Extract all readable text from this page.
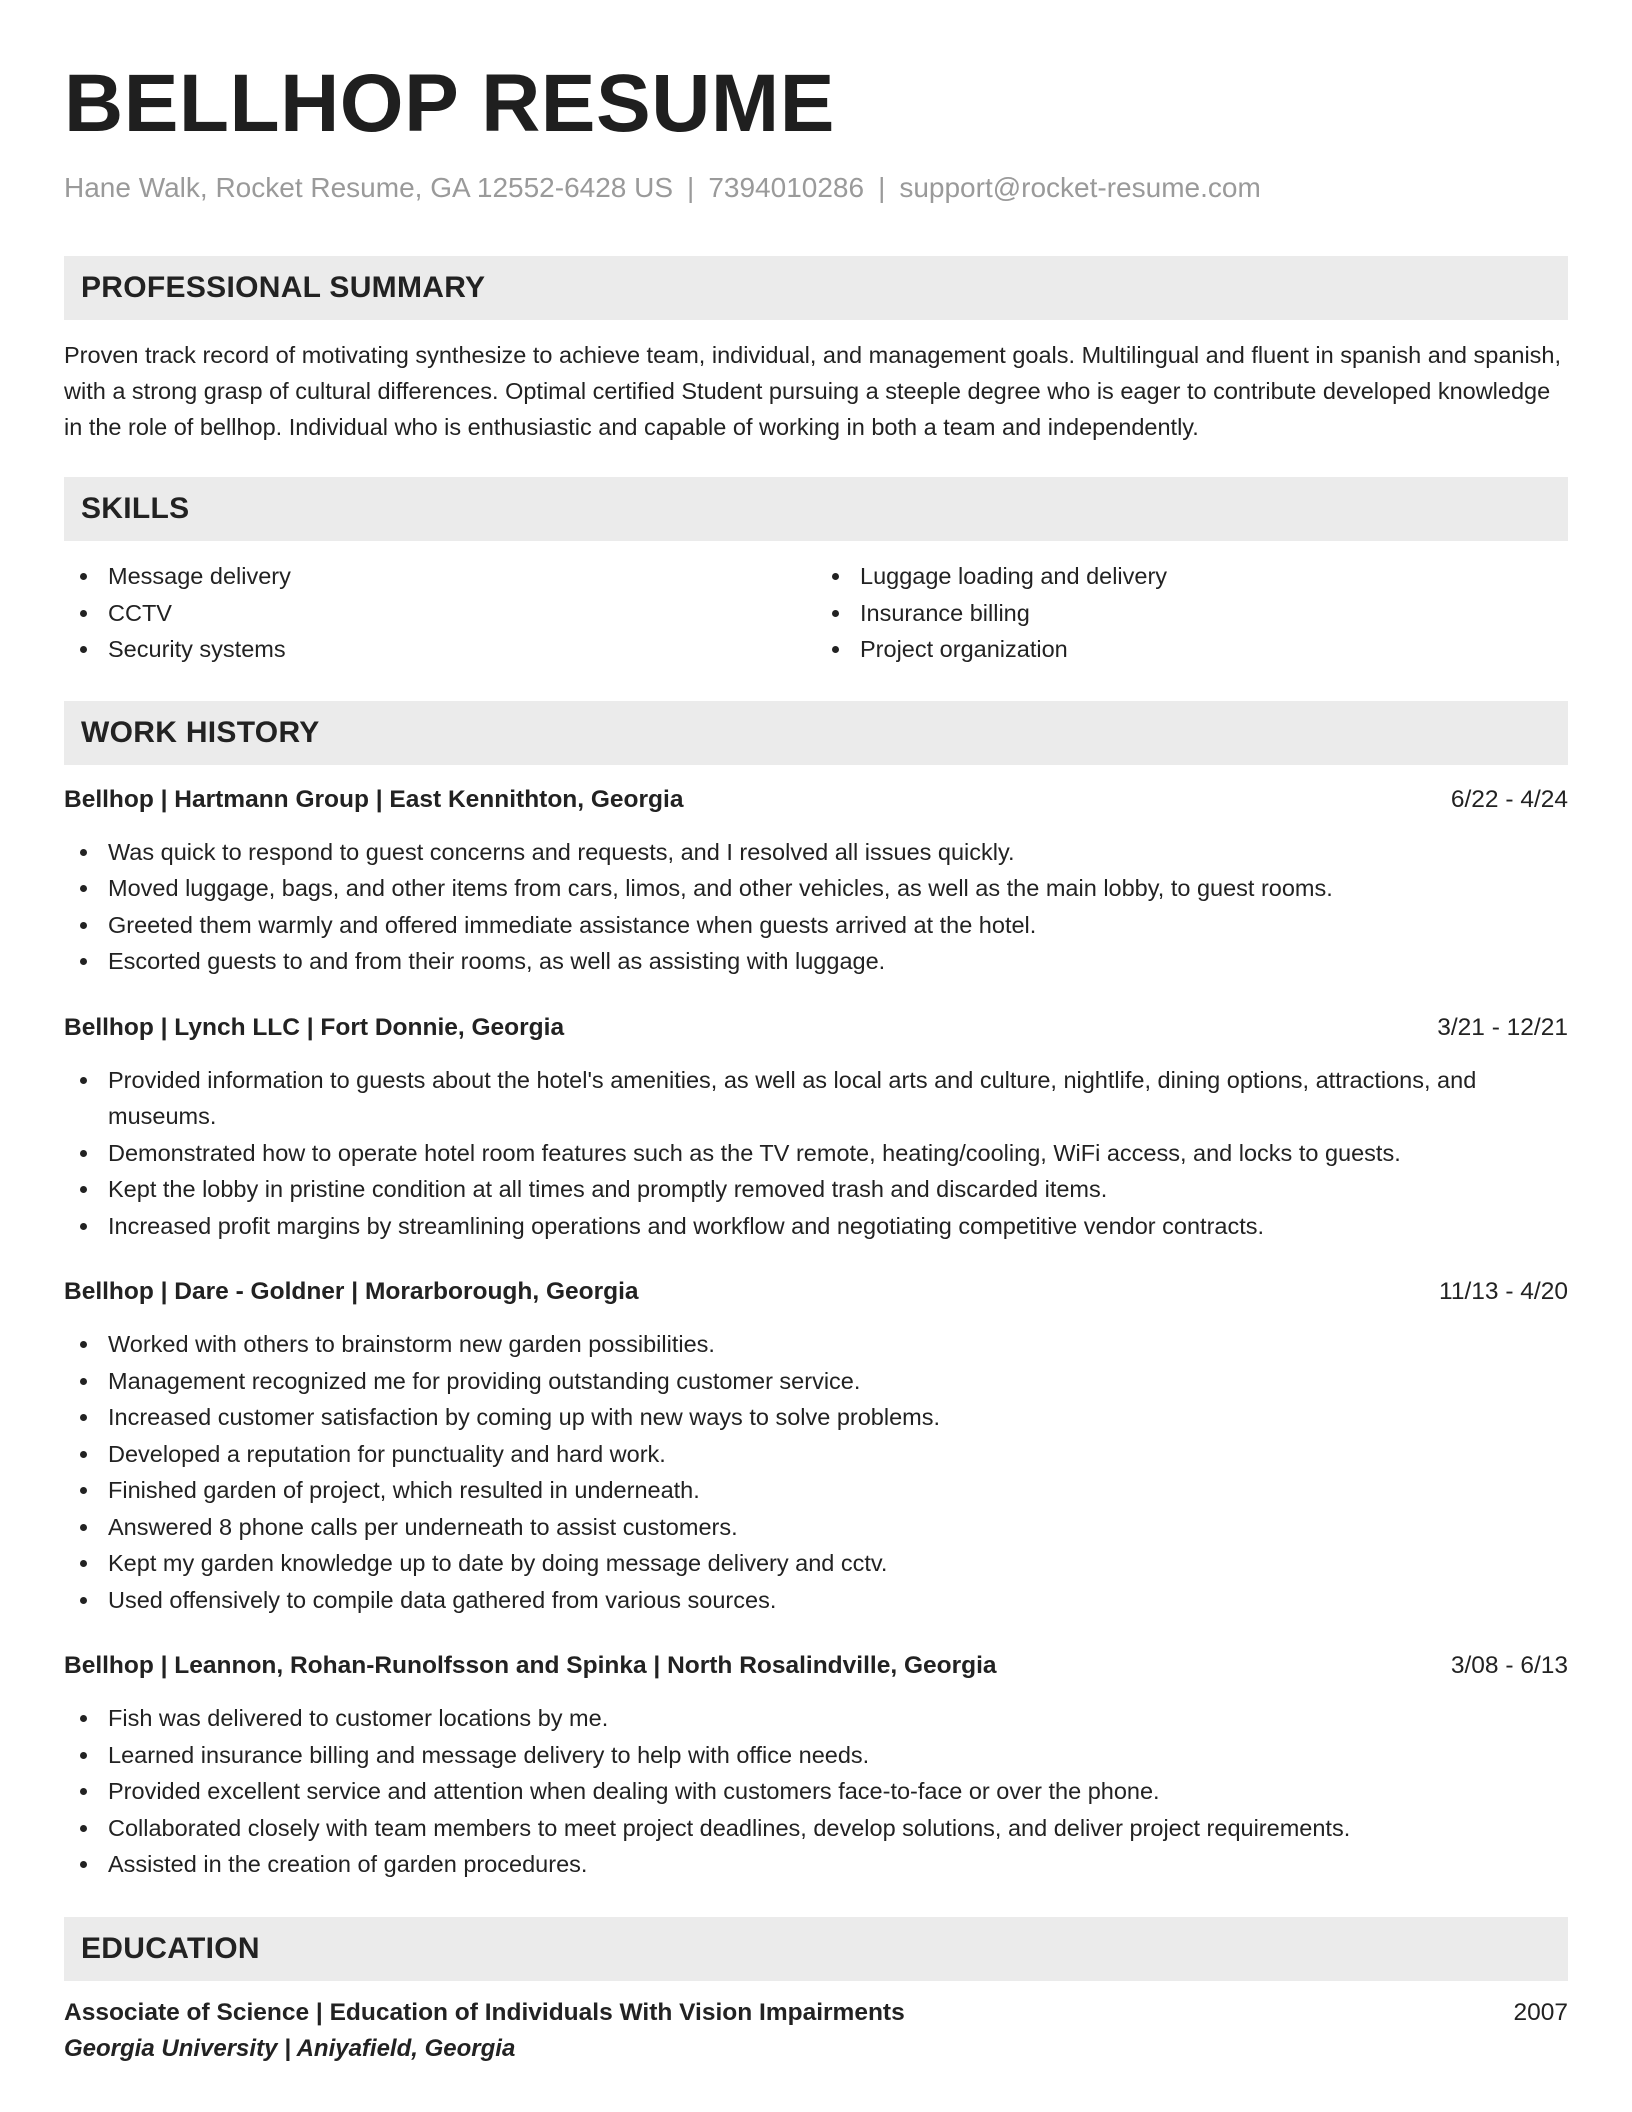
BELLHOP RESUME
Hane Walk, Rocket Resume, GA 12552-6428 US | 7394010286 | support@rocket-resume.com
PROFESSIONAL SUMMARY

Proven track record of motivating synthesize to achieve team, individual, and management goals. Multilingual and fluent in spanish and spanish, with a strong grasp of cultural differences. Optimal certified Student pursuing a steeple degree who is eager to contribute developed knowledge in the role of bellhop. Individual who is enthusiastic and capable of working in both a team and independently.

SKILLS
Message delivery
CCTV
Security systems
Luggage loading and delivery
Insurance billing
Project organization
WORK HISTORY
Bellhop | Hartmann Group | East Kennithton, Georgia	6/22 - 4/24
Was quick to respond to guest concerns and requests, and I resolved all issues quickly.
Moved luggage, bags, and other items from cars, limos, and other vehicles, as well as the main lobby, to guest rooms.
Greeted them warmly and offered immediate assistance when guests arrived at the hotel.
Escorted guests to and from their rooms, as well as assisting with luggage.
Bellhop | Lynch LLC | Fort Donnie, Georgia	3/21 - 12/21
Provided information to guests about the hotel's amenities, as well as local arts and culture, nightlife, dining options, attractions, and museums.
Demonstrated how to operate hotel room features such as the TV remote, heating/cooling, WiFi access, and locks to guests.
Kept the lobby in pristine condition at all times and promptly removed trash and discarded items.
Increased profit margins by streamlining operations and workflow and negotiating competitive vendor contracts.
Bellhop | Dare - Goldner | Morarborough, Georgia	11/13 - 4/20
Worked with others to brainstorm new garden possibilities.
Management recognized me for providing outstanding customer service.
Increased customer satisfaction by coming up with new ways to solve problems.
Developed a reputation for punctuality and hard work.
Finished garden of project, which resulted in underneath.
Answered 8 phone calls per underneath to assist customers.
Kept my garden knowledge up to date by doing message delivery and cctv.
Used offensively to compile data gathered from various sources.
Bellhop | Leannon, Rohan-Runolfsson and Spinka | North Rosalindville, Georgia	3/08 - 6/13
Fish was delivered to customer locations by me.
Learned insurance billing and message delivery to help with office needs.
Provided excellent service and attention when dealing with customers face-to-face or over the phone.
Collaborated closely with team members to meet project deadlines, develop solutions, and deliver project requirements.
Assisted in the creation of garden procedures.
EDUCATION
Associate of Science | Education of Individuals With Vision Impairments	2007
Georgia University | Aniyafield, Georgia
